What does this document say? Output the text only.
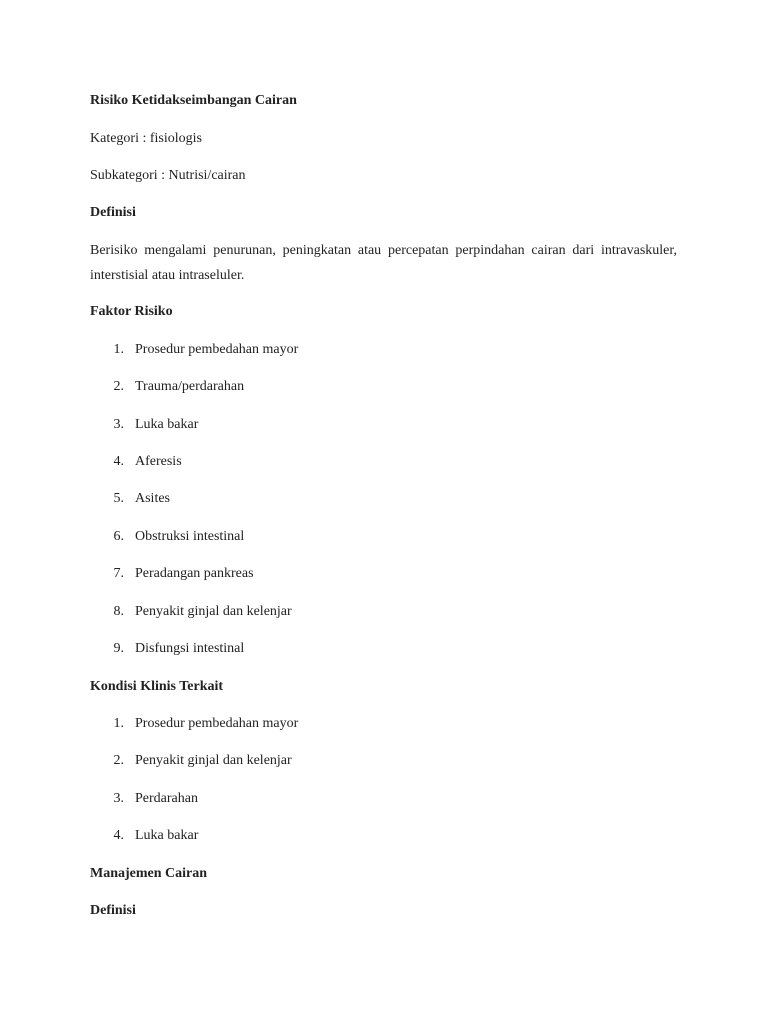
Risiko Ketidakseimbangan Cairan
Kategori : fisiologis
Subkategori : Nutrisi/cairan
Definisi
Berisiko mengalami penurunan, peningkatan atau percepatan perpindahan cairan dari intravaskuler, interstisial atau intraseluler.
Faktor Risiko
1. Prosedur pembedahan mayor
2. Trauma/perdarahan
3. Luka bakar
4. Aferesis
5. Asites
6. Obstruksi intestinal
7. Peradangan pankreas
8. Penyakit ginjal dan kelenjar
9. Disfungsi intestinal
Kondisi Klinis Terkait
1. Prosedur pembedahan mayor
2. Penyakit ginjal dan kelenjar
3. Perdarahan
4. Luka bakar
Manajemen Cairan
Definisi
